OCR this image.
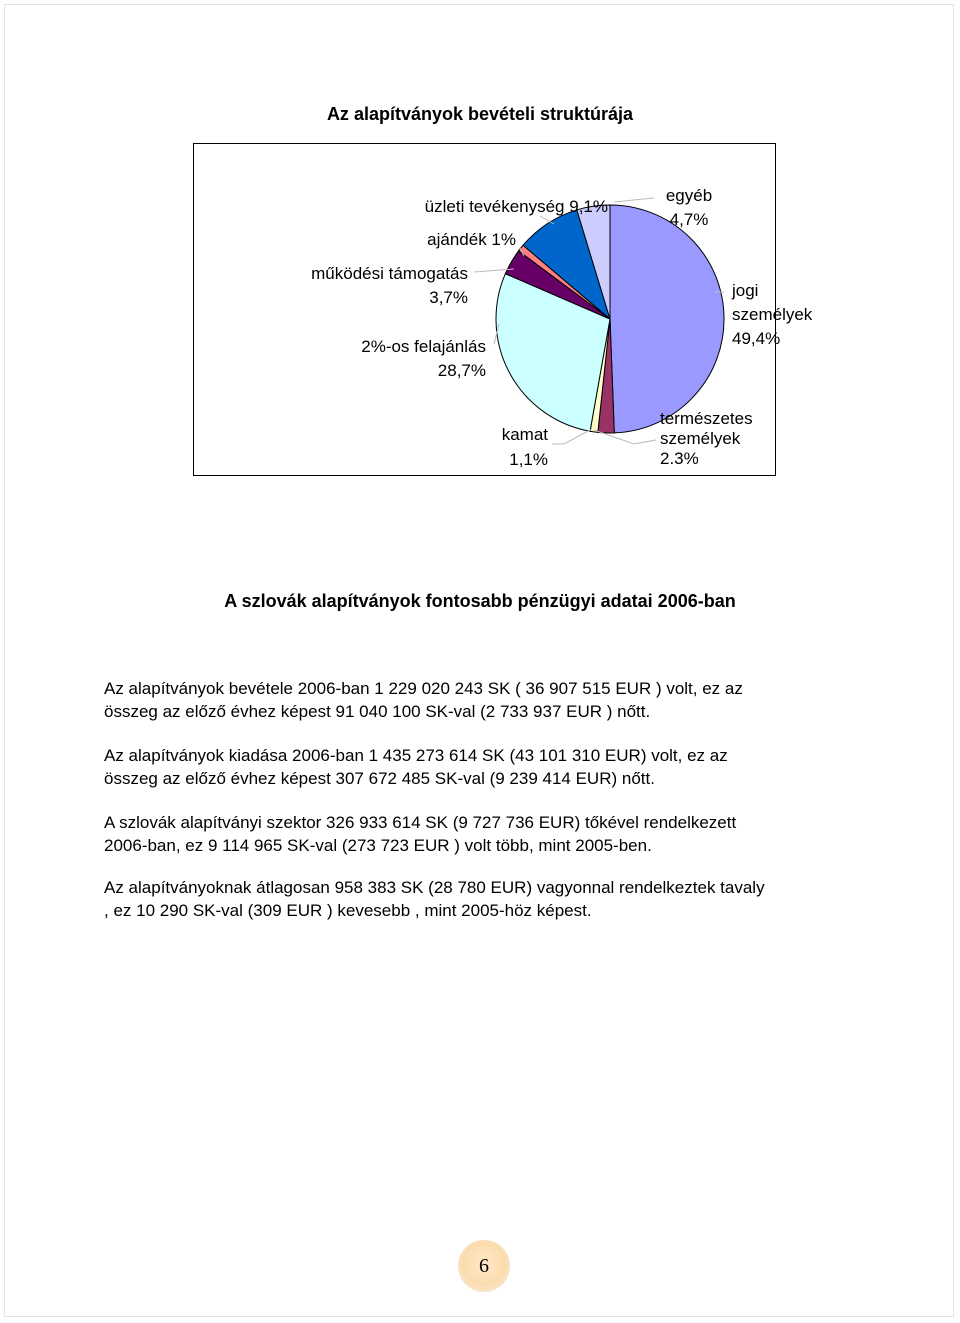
Az alapítványok bevételi struktúrája
jogi személyek 49,4%
természetes személyek 2.3%
kamat 1,1%
2%-os felajánlás 28,7%
működési támogatás 3,7%
ajándék 1%
üzleti tevékenység 9,1%
egyéb 4,7%
A szlovák alapítványok fontosabb pénzügyi adatai 2006-ban
Az alapítványok bevétele 2006-ban 1 229 020 243 SK ( 36 907 515 EUR ) volt, ez az
összeg az előző évhez képest 91 040 100 SK-val (2 733 937 EUR ) nőtt.
Az alapítványok kiadása 2006-ban 1 435 273 614 SK (43 101 310 EUR) volt, ez az
összeg az előző évhez képest 307 672 485 SK-val (9 239 414 EUR) nőtt.
A szlovák alapítványi szektor 326 933 614 SK (9 727 736 EUR) tőkével rendelkezett
2006-ban, ez 9 114 965 SK-val (273 723 EUR ) volt több, mint 2005-ben.
Az alapítványoknak átlagosan 958 383 SK (28 780 EUR) vagyonnal rendelkeztek tavaly
, ez 10 290 SK-val (309 EUR ) kevesebb , mint 2005-höz képest.
6
